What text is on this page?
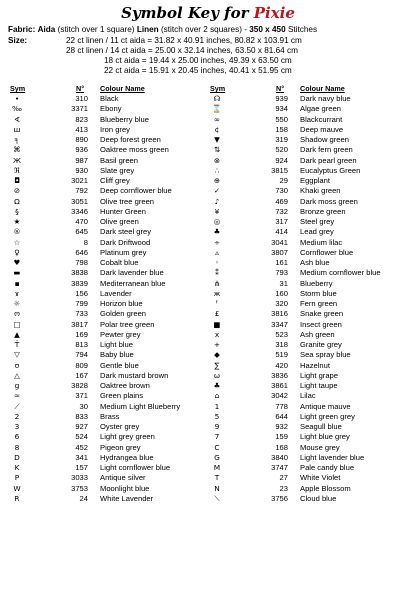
Symbol Key for Pixie
Fabric: Aida (stitch over 1 square) Linen (stitch over 2 squares) - 350 x 450 Stitches
Size:	22 ct linen / 11 ct aida = 31.82 x 40.91 inches, 80.82 x 103.91 cm
28 ct linen / 14 ct aida = 25.00 x 32.14 inches, 63.50 x 81.64 cm
18 ct aida = 19.44 x 25.00 inches, 49.39 x 63.50 cm
22 ct aida = 15.91 x 20.45 inches, 40.41 x 51.95 cm
Sym	N° Colour Name
•	310 Black
‰	3371 Ebony
∢	823 Blueberry blue
ш	413 Iron grey
╕	890 Deep forest green
⌘	936 Oaktree moss green
Ж	987 Basil green
ℜ	930 Slate grey
◘	3021 Cliff grey
⊘	792 Deep cornflower blue
Ω	3051 Olive tree green
§	3346 Hunter Green
★	470 Olive green
®	645 Dark steel grey
☆	8 Dark Driftwood
♀	646 Platinum grey
♥	798 Cobalt blue
▬	3838 Dark lavender blue
▪	3839 Mediterranean blue
ɤ	156 Lavender
☼	799 Horizon blue
ო	733 Golden green
□	3817 Polar tree green
▲	169 Pewter grey
Ť	813 Light blue
▽	794 Baby blue
ʊ	809 Gentle blue
△	167 Dark mustard brown
g	3828 Oaktree brown
≈	371 Green plains
⟋	30 Medium Light Blueberry
2	833 Brass
3	927 Oyster grey
6	524 Light grey green
8	452 Pigeon grey
D	341 Hydrangea blue
K	157 Light cornflower blue
P	3033 Antique silver
W	3753 Moonlight blue
R	24 White Lavender
Sym	N° Colour Name
☊	939 Dark navy blue
⌛	934 Algae green
∞	550 Blackcurrant
¢	158 Deep mauve
▼	319 Shadow green
⇅	520 Dark fern green
⊗	924 Dark pearl green
∴	3815 Eucalyptus Green
⊕	29 Eggplant
✓	730 Khaki green
♪	469 Dark moss green
¥	732 Bronze green
◎	317 Steel grey
♣	414 Lead grey
÷	3041 Medium lilac
▵	3807 Cornflower blue
◦	161 Ash blue
⁑	793 Medium cornflower blue
⋔	31 Blueberry
ж	160 Storm blue
ᶠ	320 Fern green
£	3816 Snake green
■	3347 Insect green
ⅹ	523 Ash green
+	318 Granite grey
◆	519 Sea spray blue
∑	420 Hazelnut
ω	3836 Light grape
♣	3861 Light taupe
⌂	3042 Lilac
1	778 Antique mauve
5	644 Light green grey
9	932 Seagull blue
7	159 Light blue grey
C	168 Mouse grey
G	3840 Light lavender blue
M	3747 Pale candy blue
T	27 White Violet
N	23 Apple Blossom
⟍	3756 Cloud blue
